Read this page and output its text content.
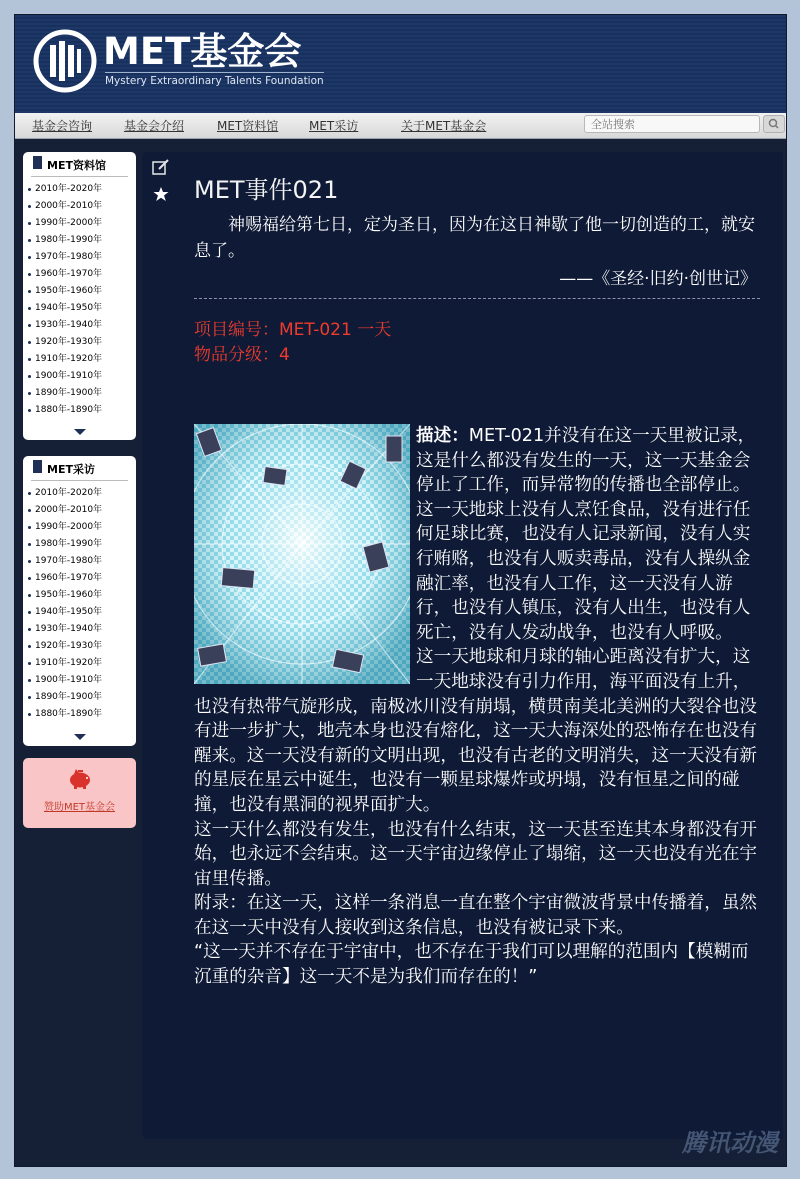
MET基金会
Mystery Extraordinary Talents Foundation
基金会咨询	基金会介绍	MET资料馆	MET采访	关于MET基金会
全站搜索
MET资料馆
2010年-2020年
2000年-2010年
1990年-2000年
1980年-1990年
1970年-1980年
1960年-1970年
1950年-1960年
1940年-1950年
1930年-1940年
1920年-1930年
1910年-1920年
1900年-1910年
1890年-1900年
1880年-1890年
MET采访
2010年-2020年
2000年-2010年
1990年-2000年
1980年-1990年
1970年-1980年
1960年-1970年
1950年-1960年
1940年-1950年
1930年-1940年
1920年-1930年
1910年-1920年
1900年-1910年
1890年-1900年
1880年-1890年
赞助MET基金会
MET事件021

神赐福给第七日，定为圣日，因为在这日神歇了他一切创造的工，就安息了。

——《圣经·旧约·创世记》
项目编号：MET-021 一天
物品分级：4

描述：MET-021并没有在这一天里被记录，这是什么都没有发生的一天，这一天基金会停止了工作，而异常物的传播也全部停止。

这一天地球上没有人烹饪食品，没有进行任何足球比赛，也没有人记录新闻，没有人实行贿赂，也没有人贩卖毒品，没有人操纵金融汇率，也没有人工作，这一天没有人游行，也没有人镇压，没有人出生，也没有人死亡，没有人发动战争，也没有人呼吸。

这一天地球和月球的轴心距离没有扩大，这一天地球没有引力作用，海平面没有上升，也没有热带气旋形成，南极冰川没有崩塌，横贯南美北美洲的大裂谷也没有进一步扩大，地壳本身也没有熔化，这一天大海深处的恐怖存在也没有醒来。这一天没有新的文明出现，也没有古老的文明消失，这一天没有新的星辰在星云中诞生，也没有一颗星球爆炸或坍塌，没有恒星之间的碰撞，也没有黑洞的视界面扩大。

这一天什么都没有发生，也没有什么结束，这一天甚至连其本身都没有开始，也永远不会结束。这一天宇宙边缘停止了塌缩，这一天也没有光在宇宙里传播。

附录：在这一天，这样一条消息一直在整个宇宙微波背景中传播着，虽然在这一天中没有人接收到这条信息，也没有被记录下来。

“这一天并不存在于宇宙中，也不存在于我们可以理解的范围内【模糊而沉重的杂音】这一天不是为我们而存在的！”

腾讯动漫
